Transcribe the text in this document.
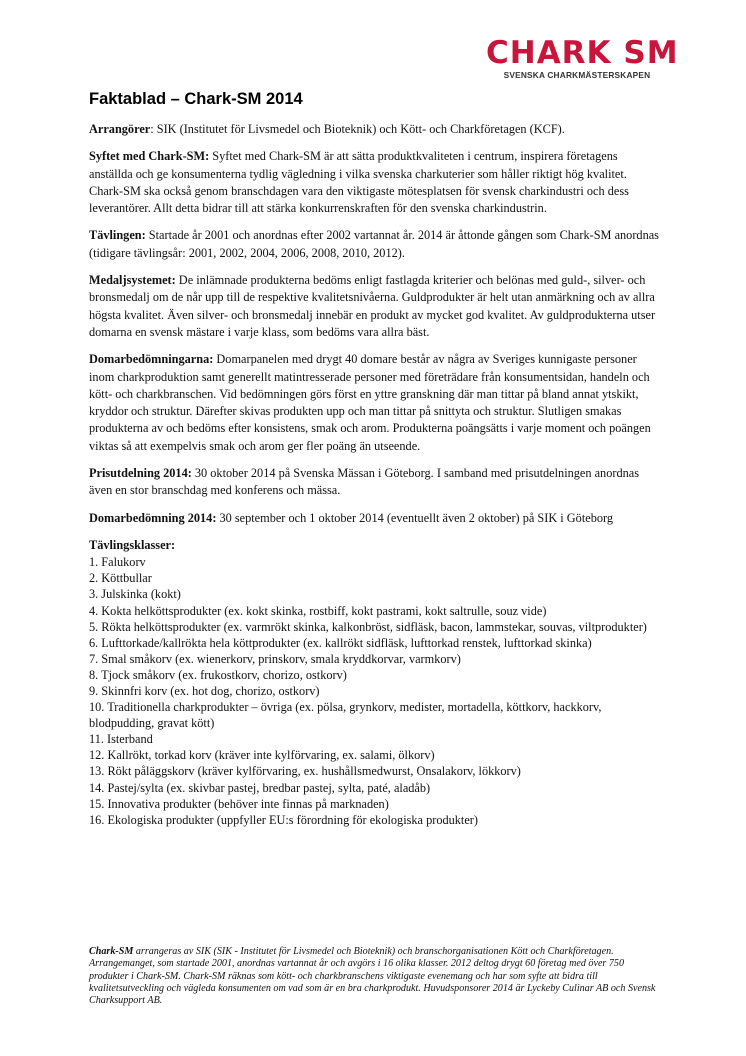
CHARK SM
SVENSKA CHARKMÄSTERSKAPEN
Faktablad – Chark-SM 2014

Arrangörer: SIK (Institutet för Livsmedel och Bioteknik) och Kött- och Charkföretagen (KCF).

Syftet med Chark-SM: Syftet med Chark-SM är att sätta produktkvaliteten i centrum, inspirera företagens anställda och ge konsumenterna tydlig vägledning i vilka svenska charkuterier som håller riktigt hög kvalitet. Chark-SM ska också genom branschdagen vara den viktigaste mötesplatsen för svensk charkindustri och dess leverantörer. Allt detta bidrar till att stärka konkurrenskraften för den svenska charkindustrin.

Tävlingen: Startade år 2001 och anordnas efter 2002 vartannat år. 2014 är åttonde gången som Chark-SM anordnas (tidigare tävlingsår: 2001, 2002, 2004, 2006, 2008, 2010, 2012).

Medaljsystemet: De inlämnade produkterna bedöms enligt fastlagda kriterier och belönas med guld-, silver- och bronsmedalj om de når upp till de respektive kvalitetsnivåerna. Guldprodukter är helt utan anmärkning och av allra högsta kvalitet. Även silver- och bronsmedalj innebär en produkt av mycket god kvalitet. Av guldprodukterna utser domarna en svensk mästare i varje klass, som bedöms vara allra bäst.

Domarbedömningarna: Domarpanelen med drygt 40 domare består av några av Sveriges kunnigaste personer inom charkproduktion samt generellt matintresserade personer med företrädare från konsumentsidan, handeln och kött- och charkbranschen. Vid bedömningen görs först en yttre granskning där man tittar på bland annat ytskikt, kryddor och struktur. Därefter skivas produkten upp och man tittar på snittyta och struktur. Slutligen smakas produkterna av och bedöms efter konsistens, smak och arom. Produkterna poängsätts i varje moment och poängen viktas så att exempelvis smak och arom ger fler poäng än utseende.

Prisutdelning 2014: 30 oktober 2014 på Svenska Mässan i Göteborg. I samband med prisutdelningen anordnas även en stor branschdag med konferens och mässa.

Domarbedömning 2014: 30 september och 1 oktober 2014 (eventuellt även 2 oktober) på SIK i Göteborg

Tävlingsklasser:

1. Falukorv
2. Köttbullar
3. Julskinka (kokt)
4. Kokta helköttsprodukter (ex. kokt skinka, rostbiff, kokt pastrami, kokt saltrulle, souz vide)
5. Rökta helköttsprodukter (ex. varmrökt skinka, kalkonbröst, sidfläsk, bacon, lammstekar, souvas, viltprodukter)
6. Lufttorkade/kallrökta hela köttprodukter (ex. kallrökt sidfläsk, lufttorkad renstek, lufttorkad skinka)
7. Smal småkorv (ex. wienerkorv, prinskorv, smala kryddkorvar, varmkorv)
8. Tjock småkorv (ex. frukostkorv, chorizo, ostkorv)
9. Skinnfri korv (ex. hot dog, chorizo, ostkorv)
10. Traditionella charkprodukter – övriga (ex. pölsa, grynkorv, medister, mortadella, köttkorv, hackkorv, blodpudding, gravat kött)
11. Isterband
12. Kallrökt, torkad korv (kräver inte kylförvaring, ex. salami, ölkorv)
13. Rökt påläggskorv (kräver kylförvaring, ex. hushållsmedwurst, Onsalakorv, lökkorv)
14. Pastej/sylta (ex. skivbar pastej, bredbar pastej, sylta, paté, aladåb)
15. Innovativa produkter (behöver inte finnas på marknaden)
16. Ekologiska produkter (uppfyller EU:s förordning för ekologiska produkter)

Chark-SM arrangeras av SIK (SIK - Institutet för Livsmedel och Bioteknik) och branschorganisationen Kött och Charkföretagen. Arrangemanget, som startade 2001, anordnas vartannat år och avgörs i 16 olika klasser. 2012 deltog drygt 60 företag med över 750 produkter i Chark-SM. Chark-SM räknas som kött- och charkbranschens viktigaste evenemang och har som syfte att bidra till kvalitetsutveckling och vägleda konsumenten om vad som är en bra charkprodukt. Huvudsponsorer 2014 är Lyckeby Culinar AB och Svensk Charksupport AB.
